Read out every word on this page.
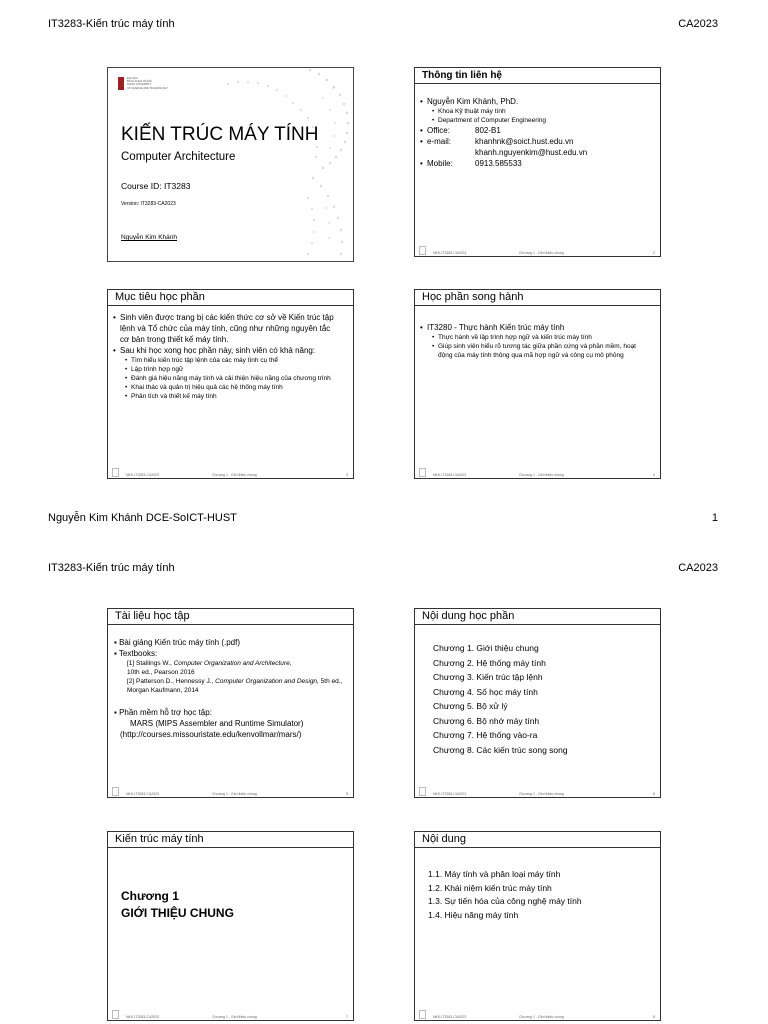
IT3283-Kiến trúc máy tính	CA2023
ĐẠI HỌC
BÁCH KHOA HÀ NỘI
HANOI UNIVERSITY
OF SCIENCE AND TECHNOLOGY
KIẾN TRÚC MÁY TÍNH
Computer Architecture
Course ID: IT3283
Version: IT3283-CA2023
Nguyễn Kim Khánh
Thông tin liên hệ
• Nguyễn Kim Khánh, PhD.
• Khoa Kỹ thuật máy tính
• Department of Computer Engineering
• Office:	802-B1
• e-mail:	khanhnk@soict.hust.edu.vn
khanh.nguyenkim@hust.edu.vn
• Mobile:	0913.585533
NKK-IT3283-CA2023	Chương 1 - Giới thiệu chung	2
Mục tiêu học phần
• Sinh viên được trang bị các kiến thức cơ sở về Kiến trúc tập lệnh và Tổ chức của máy tính, cũng như những nguyên tắc cơ bản trong thiết kế máy tính.
• Sau khi học xong học phần này, sinh viên có khả năng:
• Tìm hiểu kiến trúc tập lệnh của các máy tính cụ thể
• Lập trình hợp ngữ
• Đánh giá hiệu năng máy tính và cải thiện hiệu năng của chương trình
• Khai thác và quản trị hiệu quả các hệ thống máy tính
• Phân tích và thiết kế máy tính
NKK-IT3283-CA2023	Chương 1 - Giới thiệu chung	3
Học phần song hành
• IT3280 - Thực hành Kiến trúc máy tính
• Thực hành về lập trình hợp ngữ và kiến trúc máy tính
• Giúp sinh viên hiểu rõ tương tác giữa phần cứng và phần mềm, hoạt động của máy tính thông qua mã hợp ngữ và công cụ mô phỏng
NKK-IT3283-CA2023	Chương 1 - Giới thiệu chung	4
Nguyễn Kim Khánh DCE-SoICT-HUST	1
IT3283-Kiến trúc máy tính	CA2023
Tài liệu học tập
▪ Bài giảng Kiến trúc máy tính (.pdf)
▪ Textbooks:
[1] Stallings W., Computer Organization and Architecture,
10th ed., Pearson 2016
[2] Patterson D., Hennessy J., Computer Organization and Design, 5th ed., Morgan Kaufmann, 2014
▪ Phần mềm hỗ trợ học tập:
MARS (MIPS Assembler and Runtime Simulator)
(http://courses.missouristate.edu/kenvollmar/mars/)
NKK-IT3283-CA2023	Chương 1 - Giới thiệu chung	5
Nội dung học phần
Chương 1. Giới thiệu chung
Chương 2. Hệ thống máy tính
Chương 3. Kiến trúc tập lệnh
Chương 4. Số học máy tính
Chương 5. Bộ xử lý
Chương 6. Bộ nhớ máy tính
Chương 7. Hệ thống vào-ra
Chương 8. Các kiến trúc song song
NKK-IT3283-CA2023	Chương 1 - Giới thiệu chung	6
Kiến trúc máy tính
Chương 1
GIỚI THIỆU CHUNG
NKK-IT3283-CA2023	Chương 1 - Giới thiệu chung	7
Nội dung
1.1. Máy tính và phân loại máy tính
1.2. Khái niệm kiến trúc máy tính
1.3. Sự tiến hóa của công nghệ máy tính
1.4. Hiệu năng máy tính
NKK-IT3283-CA2023	Chương 1 - Giới thiệu chung	8
